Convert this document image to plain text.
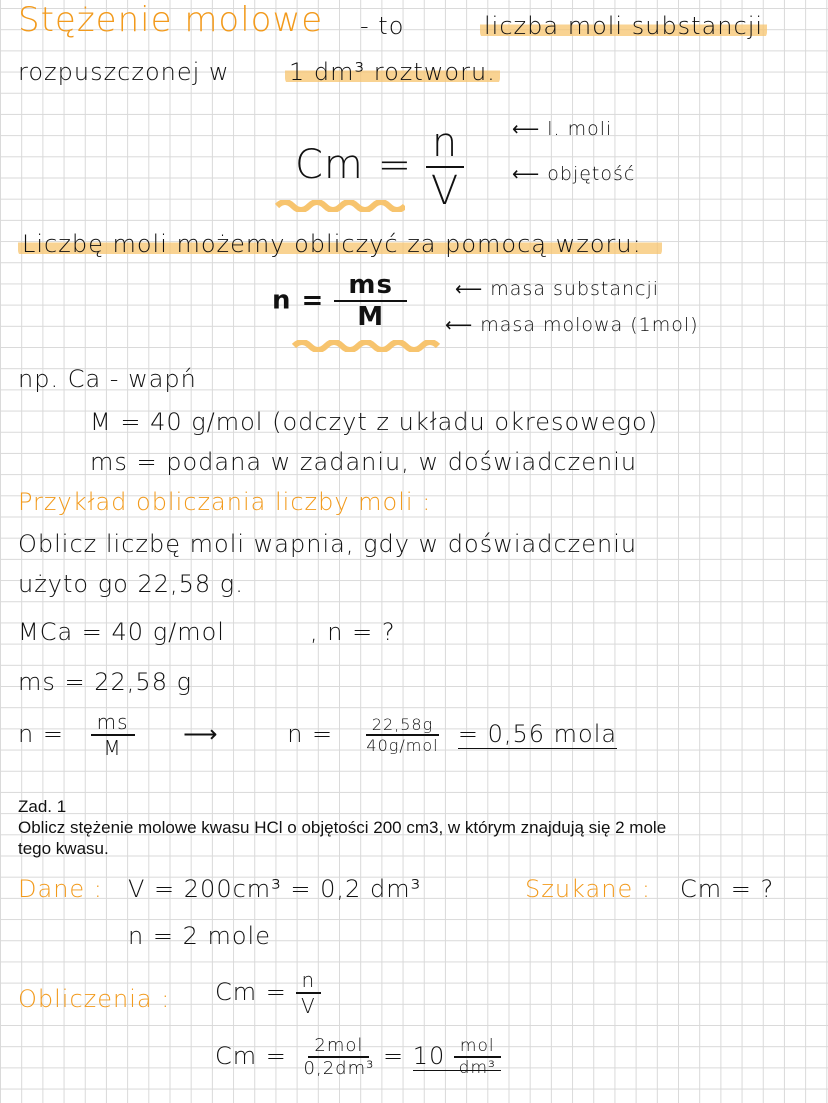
Stężenie molowe - to	liczba moli substancji
rozpuszczonej w 1 dm³ roztworu.
$Cm = \frac{n}{V}$	⟵ l. moli
⟵ objętość
Liczbę moli możemy obliczyć za pomocą wzoru:
$n = \frac{ms}{M}$	⟵ masa substancji
⟵ masa molowa (1mol)
np. Ca - wapń
M = 40 g/mol (odczyt z układu okresowego)
ms = podana w zadaniu, w doświadczeniu
Przykład obliczania liczby moli :
Oblicz liczbę moli wapnia, gdy w doświadczeniu
użyto go 22,58 g.
MCa = 40 g/mol	, n = ?
ms = 22,58 g
$n = \frac{ms}{M}$ ⟶	$n = \frac{22,58g}{\text{40g/mol}} = 0,56$ mola
Zad. 1
Oblicz stężenie molowe kwasu HCl o objętości 200 cm3, w którym znajdują się 2 mole
tego kwasu.
Dane : V = 200cm³ = 0,2 dm³	Szukane : Cm = ?
n = 2 mole
Obliczenia : $Cm = \frac{n}{V}$
$Cm = \frac{\text{2mol}}{\text{0,2dm³}} = 10 \frac{\text{mol}}{\text{dm³}}$
